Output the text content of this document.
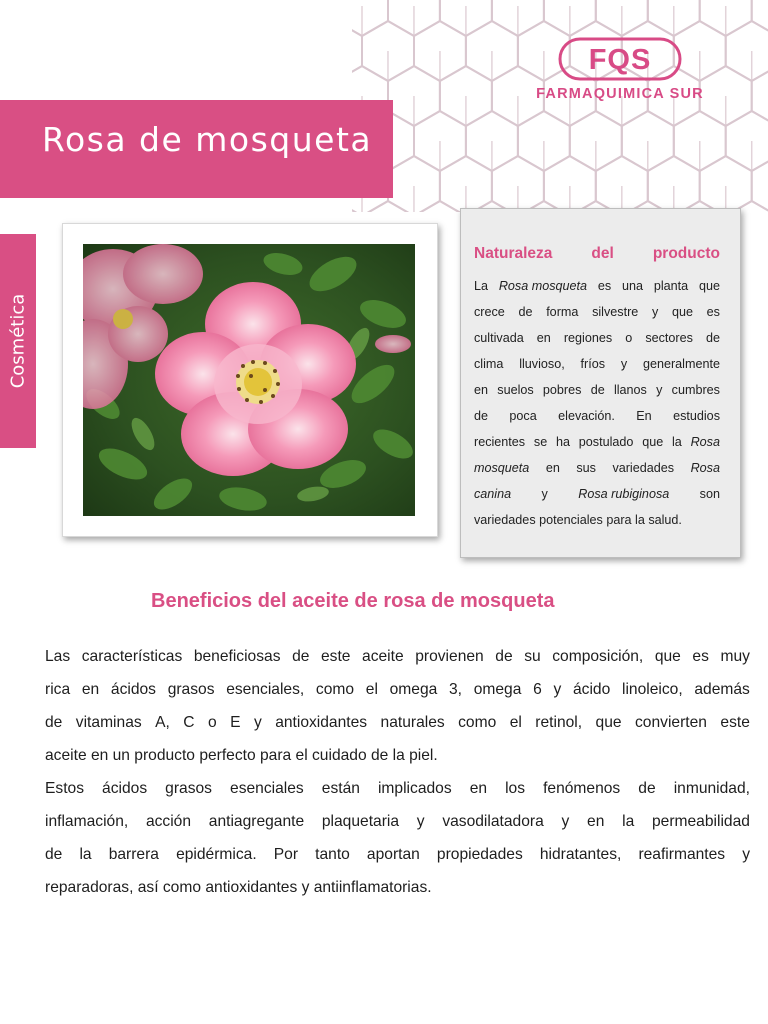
FQS
FARMAQUIMICA SUR
Rosa de mosqueta
Cosmética
Naturaleza	del	producto
La Rosa mosqueta es una planta que
crece de forma silvestre y que es
cultivada en regiones o sectores de
clima lluvioso, fríos y generalmente
en suelos pobres de llanos y cumbres
de poca elevación. En estudios
recientes se ha postulado que la Rosa
mosqueta en sus variedades Rosa
canina y Rosa rubiginosa son
variedades potenciales para la salud.
Beneficios del aceite de rosa de mosqueta
Las características beneficiosas de este aceite provienen de su composición, que es muy
rica en ácidos grasos esenciales, como el omega 3, omega 6 y ácido linoleico, además
de vitaminas A, C o E y antioxidantes naturales como el retinol, que convierten este
aceite en un producto perfecto para el cuidado de la piel.
Estos ácidos grasos esenciales están implicados en los fenómenos de inmunidad,
inflamación, acción antiagregante plaquetaria y vasodilatadora y en la permeabilidad
de la barrera epidérmica. Por tanto aportan propiedades hidratantes, reafirmantes y
reparadoras, así como antioxidantes y antiinflamatorias.
